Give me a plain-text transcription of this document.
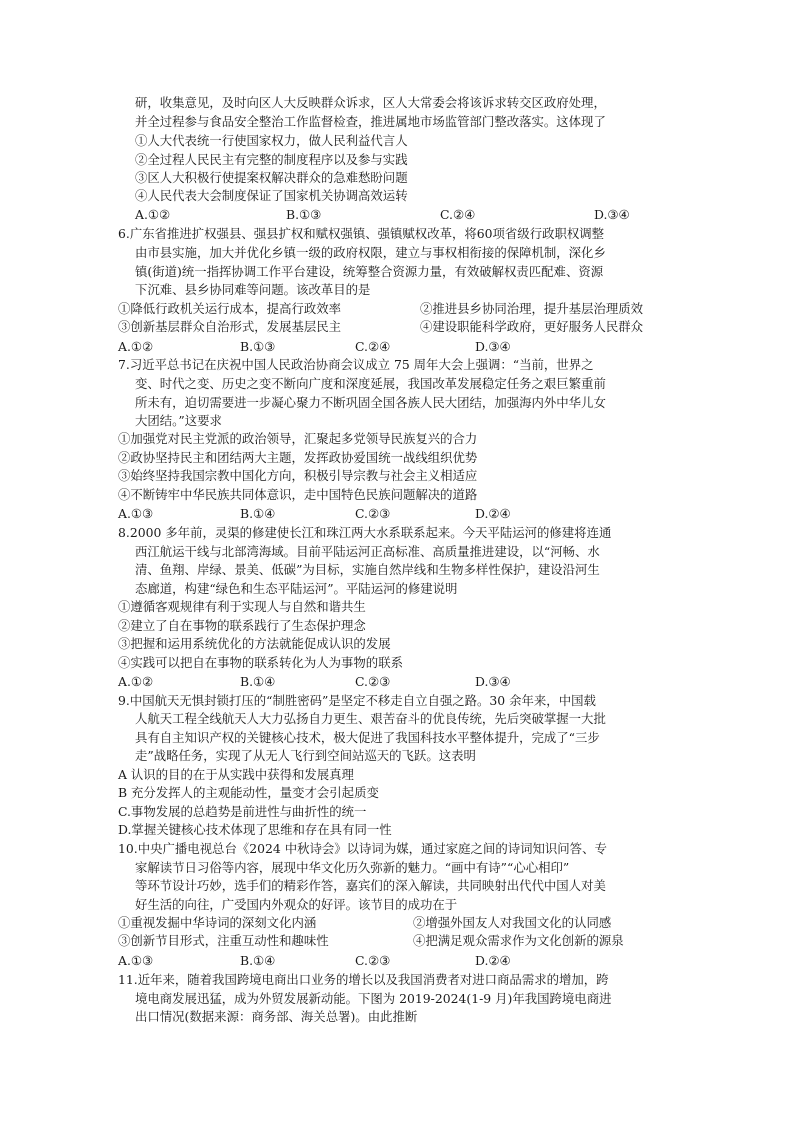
研，收集意见，及时向区人大反映群众诉求，区人大常委会将该诉求转交区政府处理，
并全过程参与食品安全整治工作监督检查，推进属地市场监管部门整改落实。这体现了
①人大代表统一行使国家权力，做人民利益代言人
②全过程人民民主有完整的制度程序以及参与实践
③区人大积极行使提案权解决群众的急难愁盼问题
④人民代表大会制度保证了国家机关协调高效运转
A.①②	B.①③	C.②④	D.③④
6.广东省推进扩权强县、强县扩权和赋权强镇、强镇赋权改革，将60项省级行政职权调整
由市县实施，加大并优化乡镇一级的政府权限，建立与事权相衔接的保障机制，深化乡
镇(街道)统一指挥协调工作平台建设，统筹整合资源力量，有效破解权责匹配难、资源
下沉难、县乡协同难等问题。该改革目的是
①降低行政机关运行成本，提高行政效率	②推进县乡协同治理，提升基层治理质效
③创新基层群众自治形式，发展基层民主	④建设职能科学政府，更好服务人民群众
A.①②	B.①③	C.②④	D.③④
7.习近平总书记在庆祝中国人民政治协商会议成立 75 周年大会上强调：“当前，世界之
变、时代之变、历史之变不断向广度和深度延展，我国改革发展稳定任务之艰巨繁重前
所未有，迫切需要进一步凝心聚力不断巩固全国各族人民大团结，加强海内外中华儿女
大团结。”这要求
①加强党对民主党派的政治领导，汇聚起多党领导民族复兴的合力
②政协坚持民主和团结两大主题，发挥政协爱国统一战线组织优势
③始终坚持我国宗教中国化方向，积极引导宗教与社会主义相适应
④不断铸牢中华民族共同体意识，走中国特色民族问题解决的道路
A.①③	B.①④	C.②③	D.②④
8.2000 多年前，灵渠的修建使长江和珠江两大水系联系起来。今天平陆运河的修建将连通
西江航运干线与北部湾海域。目前平陆运河正高标准、高质量推进建设，以“河畅、水
清、鱼翔、岸绿、景美、低碳”为目标，实施自然岸线和生物多样性保护，建设沿河生
态廊道，构建“绿色和生态平陆运河”。平陆运河的修建说明
①遵循客观规律有利于实现人与自然和谐共生
②建立了自在事物的联系践行了生态保护理念
③把握和运用系统优化的方法就能促成认识的发展
④实践可以把自在事物的联系转化为人为事物的联系
A.①②	B.①④	C.②③	D.③④
9.中国航天无惧封锁打压的“制胜密码”是坚定不移走自立自强之路。30 余年来，中国载
人航天工程全线航天人大力弘扬自力更生、艰苦奋斗的优良传统，先后突破掌握一大批
具有自主知识产权的关键核心技术，极大促进了我国科技水平整体提升，完成了“三步
走”战略任务，实现了从无人飞行到空间站巡天的飞跃。这表明
A 认识的目的在于从实践中获得和发展真理
B 充分发挥人的主观能动性，量变才会引起质变
C.事物发展的总趋势是前进性与曲折性的统一
D.掌握关键核心技术体现了思维和存在具有同一性
10.中央广播电视总台《2024 中秋诗会》以诗词为媒，通过家庭之间的诗词知识问答、专
家解读节日习俗等内容，展现中华文化历久弥新的魅力。“画中有诗”“心心相印”
等环节设计巧妙，选手们的精彩作答，嘉宾们的深入解读，共同映射出代代中国人对美
好生活的向往，广受国内外观众的好评。该节目的成功在于
①重视发掘中华诗词的深刻文化内涵	②增强外国友人对我国文化的认同感
③创新节目形式，注重互动性和趣味性	④把满足观众需求作为文化创新的源泉
A.①③	B.①④	C.②③	D.②④
11.近年来，随着我国跨境电商出口业务的增长以及我国消费者对进口商品需求的增加，跨
境电商发展迅猛，成为外贸发展新动能。下图为 2019-2024(1-9 月)年我国跨境电商进
出口情况(数据来源：商务部、海关总署)。由此推断
